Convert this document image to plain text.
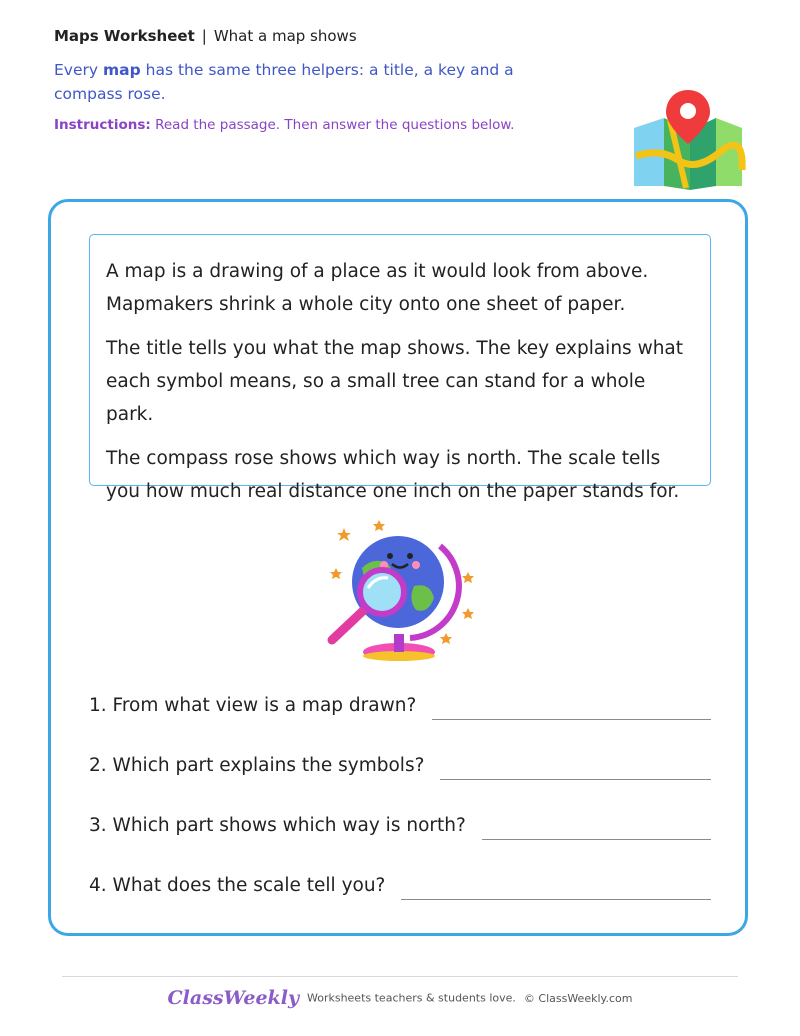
Maps Worksheet | What a map shows
Every map has the same three helpers: a title, a key and a compass rose.
Instructions: Read the passage. Then answer the questions below.

A map is a drawing of a place as it would look from above. Mapmakers shrink a whole city onto one sheet of paper.

The title tells you what the map shows. The key explains what each symbol means, so a small tree can stand for a whole park.

The compass rose shows which way is north. The scale tells you how much real distance one inch on the paper stands for.

1. From what view is a map drawn?
2. Which part explains the symbols?
3. Which part shows which way is north?
4. What does the scale tell you?
ClassWeekly Worksheets teachers & students love. © ClassWeekly.com
